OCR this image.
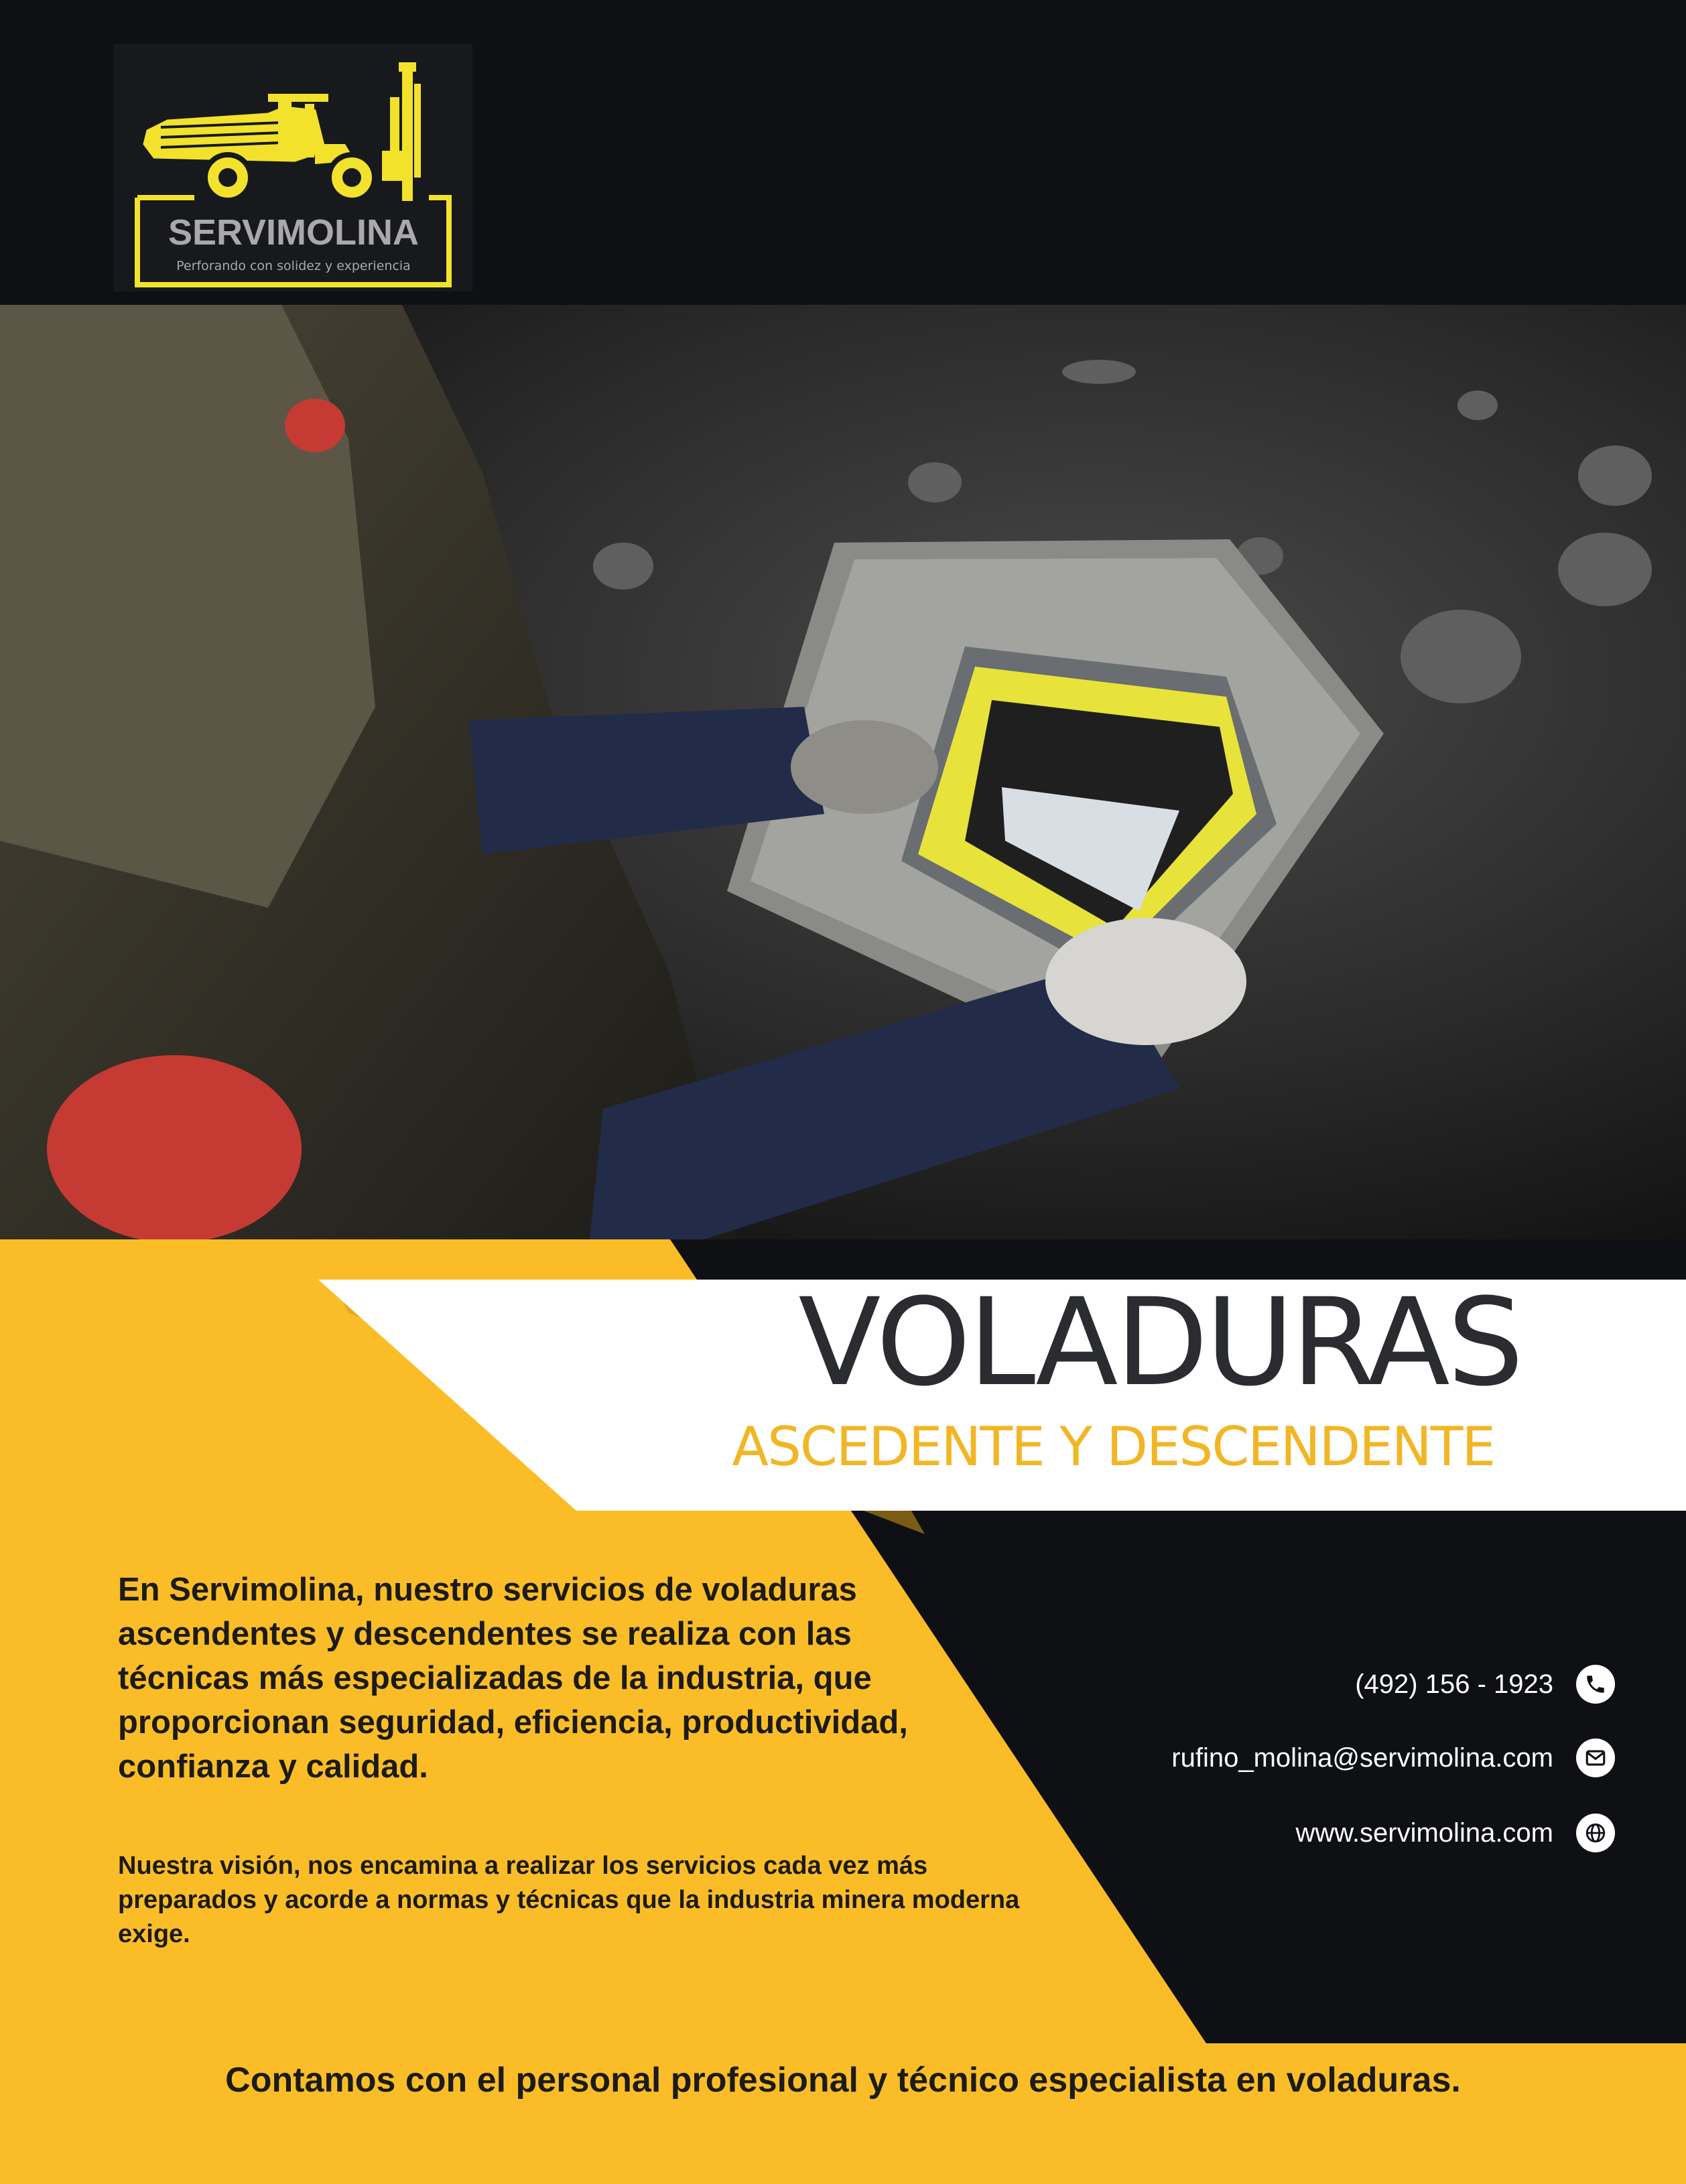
SERVIMOLINA
Perforando con solidez y experiencia
VOLADURAS
ASCEDENTE Y DESCENDENTE
En Servimolina, nuestro servicios de voladuras ascendentes y descendentes se realiza con las técnicas más especializadas de la industria, que proporcionan seguridad, eficiencia, productividad, confianza y calidad.
Nuestra visión, nos encamina a realizar los servicios cada vez más preparados y acorde a normas y técnicas que la industria minera moderna exige.
(492) 156 - 1923
rufino_molina@servimolina.com
www.servimolina.com
Contamos con el personal profesional y técnico especialista en voladuras.
